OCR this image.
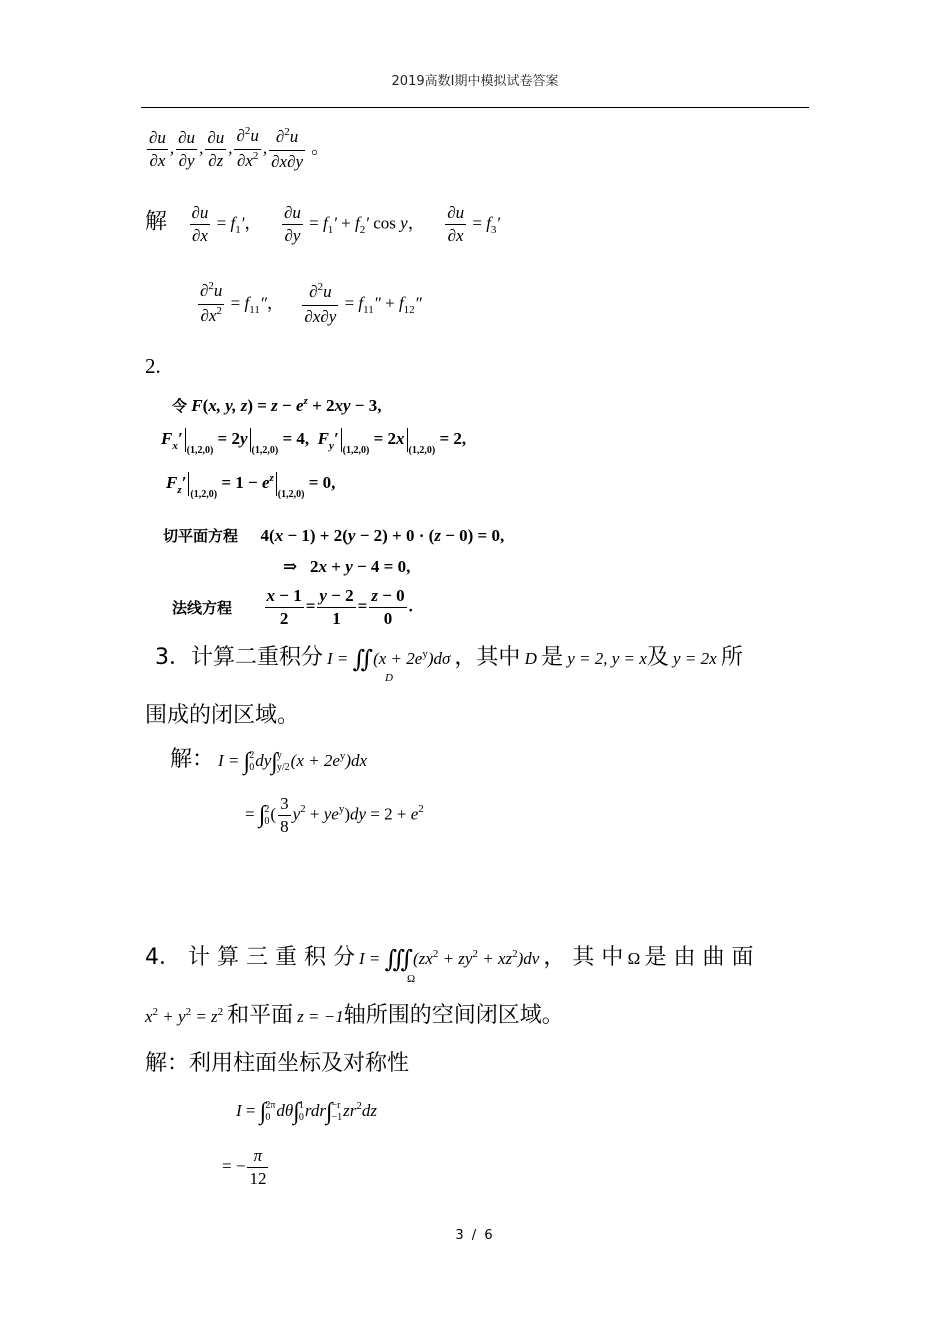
2019高数Ⅰ期中模拟试卷答案
$\frac{\partial u}{\partial x}$ , $\frac{\partial u}{\partial y}$ , $\frac{\partial u}{\partial z}$ , $\frac{\partial^2u}{\partial x^2}$ , $\frac{\partial^2u}{\partial x\partial y}$ 。
解 $\frac{\partial u}{\partial x} = f_1'$， $\frac{\partial u}{\partial y} = f_1' + f_2'$ cos y， $\frac{\partial u}{\partial x} = f_3'$
$\frac{\partial^2u}{\partial x^2} = f_{11}''$， $\frac{\partial^2u}{\partial x\partial y} = f_{11}'' + f_{12}''$
2.
令 F(x, y, $z) = z - e^z + 2xy - 3$,
$F_x'_{(1,2,0)} = 2y_{(1,2,0)} = 4$,  $F_y'_{(1,2,0)} = 2x_{(1,2,0)} = 2$,
$F_z'_{(1,2,0)} = 1 - e^z_{(1,2,0)} = 0$,
切平面方程 4(x − 1) + 2(y − 2) + 0 · (z − 0) = 0,
⇒ 2x + y − 4 = 0,
法线方程 $\frac{x - 1}{2} = \frac{y - 2}{1} = \frac{z - 0}{0}$ .
3．计算二重积分 I = ∬(x + $2e^y)d\sigma$ ，其中 D 是 y = 2, y = x及 y = 2x 所
D
围成的闭区域。
解： I = ∫ 2
0 dy∫ y
y/2 $(x + 2e^y)dx$
= ∫ 2
0 ( $\frac{3}{8} y^2 + ye^y)dy = 2 + e^2$
4． 计 算 三 重 积 分 $I = ∭(zx^2 + zy^2 + xz^2)dv$ ， 其 中 Ω 是 由 曲 面
Ω
$x^2 + y^2 = z^2$ 和平面 z = −1轴所围的空间闭区域。
解：利用柱面坐标及对称性
I = ∫ 2π
0 dθ∫ 1
0 rdr∫ −r
−1 $zr^2dz$
= − $\frac{\pi}{12}$
3 / 6
